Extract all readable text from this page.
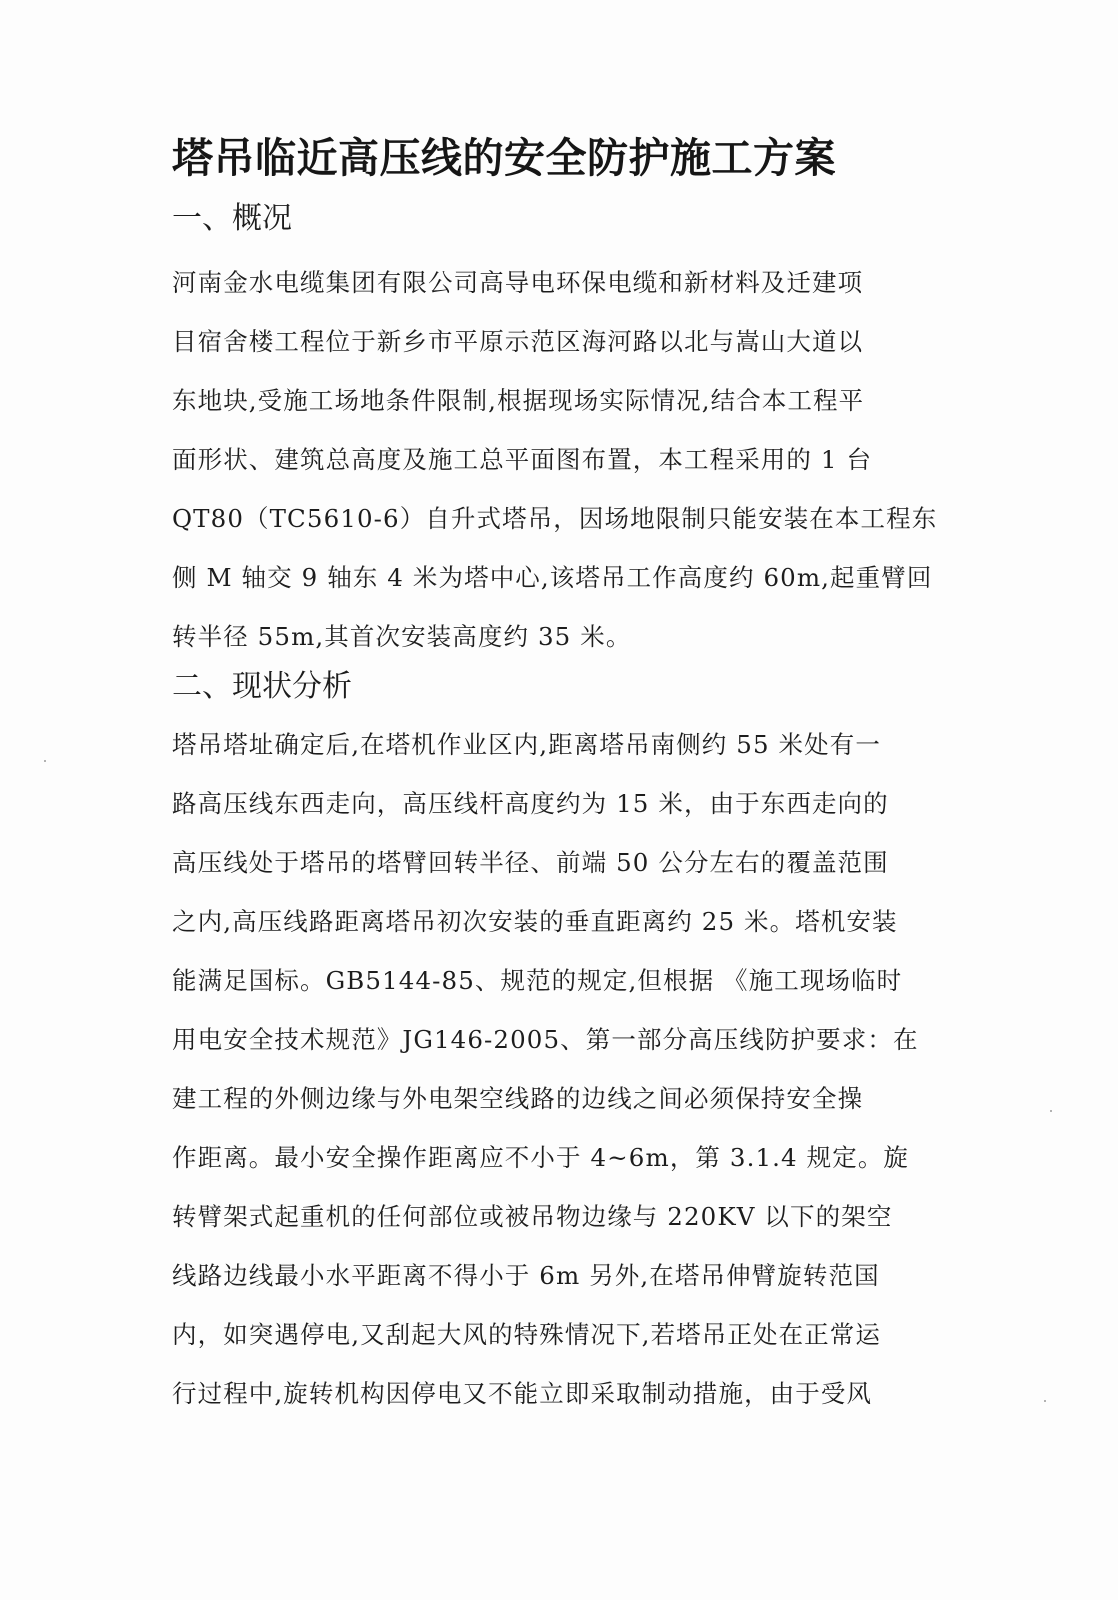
塔吊临近高压线的安全防护施工方案
一、概况
河南金水电缆集团有限公司高导电环保电缆和新材料及迁建项
目宿舍楼工程位于新乡市平原示范区海河路以北与嵩山大道以
东地块,受施工场地条件限制,根据现场实际情况,结合本工程平
面形状、建筑总高度及施工总平面图布置，本工程采用的 1 台
QT80（TC5610-6）自升式塔吊，因场地限制只能安装在本工程东
侧 M 轴交 9 轴东 4 米为塔中心,该塔吊工作高度约 60m,起重臂回
转半径 55m,其首次安装高度约 35 米。
二、现状分析
塔吊塔址确定后,在塔机作业区内,距离塔吊南侧约 55 米处有一
路高压线东西走向，高压线杆高度约为 15 米，由于东西走向的
高压线处于塔吊的塔臂回转半径、前端 50 公分左右的覆盖范围
之内,高压线路距离塔吊初次安装的垂直距离约 25 米。塔机安装
能满足国标。GB5144-85、规范的规定,但根据 《施工现场临时
用电安全技术规范》JG146-2005、第一部分高压线防护要求：在
建工程的外侧边缘与外电架空线路的边线之间必须保持安全操
作距离。最小安全操作距离应不小于 4~6m，第 3.1.4 规定。旋
转臂架式起重机的任何部位或被吊物边缘与 220KV 以下的架空
线路边线最小水平距离不得小于 6m 另外,在塔吊伸臂旋转范国
内，如突遇停电,又刮起大风的特殊情况下,若塔吊正处在正常运
行过程中,旋转机构因停电又不能立即采取制动措施，由于受风
